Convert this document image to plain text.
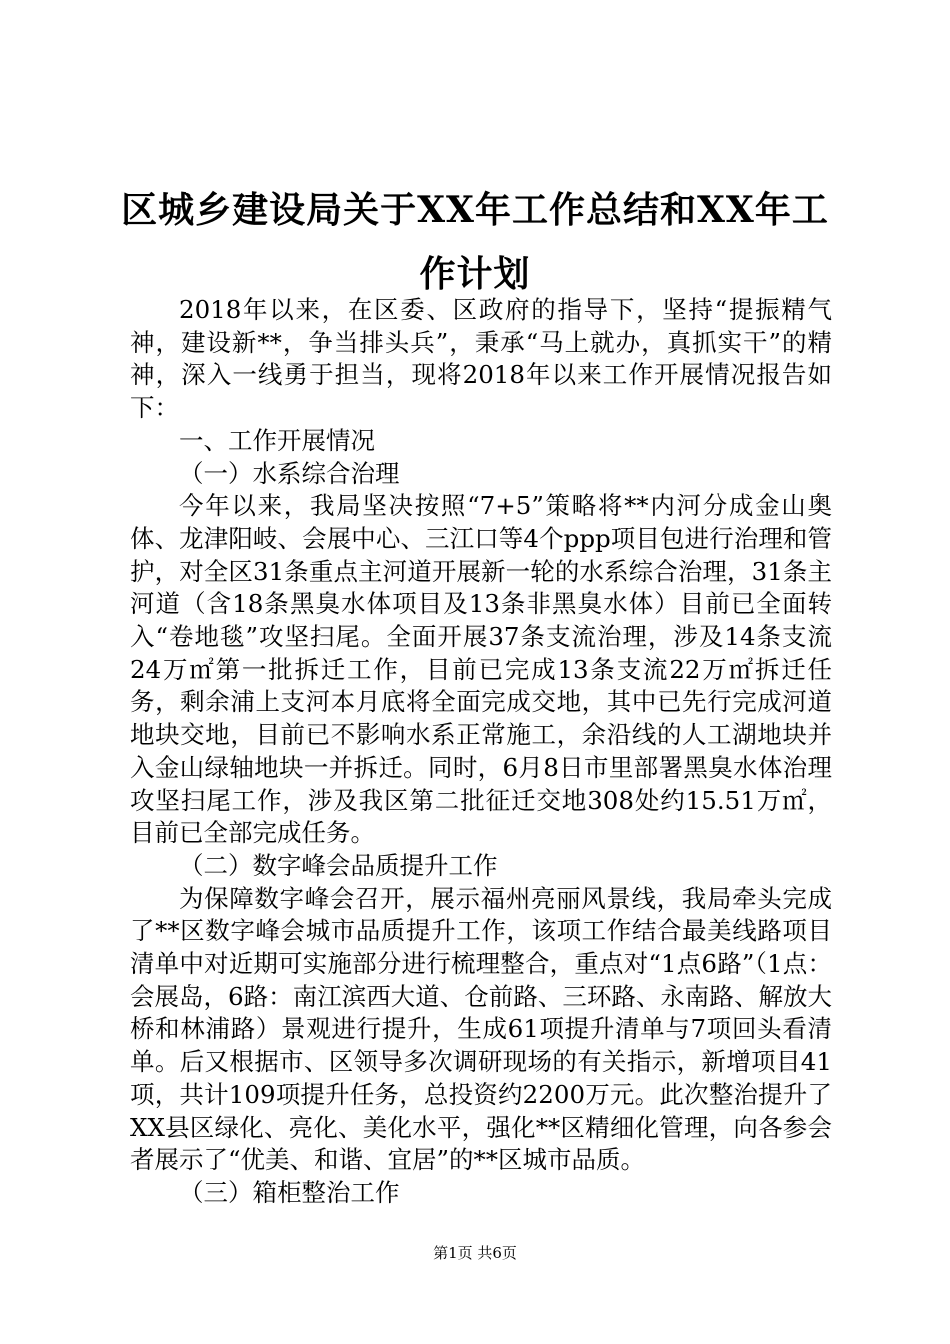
区城乡建设局关于XX年工作总结和XX年工作计划

2018年以来，在区委、区政府的指导下，坚持“提振精气神，建设新**，争当排头兵”，秉承“马上就办，真抓实干”的精神，深入一线勇于担当，现将2018年以来工作开展情况报告如下：

一、工作开展情况

（一）水系综合治理

今年以来，我局坚决按照“7+5”策略将**内河分成金山奥体、龙津阳岐、会展中心、三江口等4个ppp项目包进行治理和管护，对全区31条重点主河道开展新一轮的水系综合治理，31条主河道（含18条黑臭水体项目及13条非黑臭水体）目前已全面转入“卷地毯”攻坚扫尾。全面开展37条支流治理，涉及14条支流24万㎡第一批拆迁工作，目前已完成13条支流22万㎡拆迁任务，剩余浦上支河本月底将全面完成交地，其中已先行完成河道地块交地，目前已不影响水系正常施工，余沿线的人工湖地块并入金山绿轴地块一并拆迁。同时，6月8日市里部署黑臭水体治理攻坚扫尾工作，涉及我区第二批征迁交地308处约15.51万㎡，目前已全部完成任务。

（二）数字峰会品质提升工作

为保障数字峰会召开，展示福州亮丽风景线，我局牵头完成了**区数字峰会城市品质提升工作，该项工作结合最美线路项目清单中对近期可实施部分进行梳理整合，重点对“1点6路”（1点：会展岛，6路：南江滨西大道、仓前路、三环路、永南路、解放大桥和林浦路）景观进行提升，生成61项提升清单与7项回头看清单。后又根据市、区领导多次调研现场的有关指示，新增项目41项，共计109项提升任务，总投资约2200万元。此次整治提升了XX县区绿化、亮化、美化水平，强化**区精细化管理，向各参会者展示了“优美、和谐、宜居”的**区城市品质。

（三）箱柜整治工作

第1页 共6页
